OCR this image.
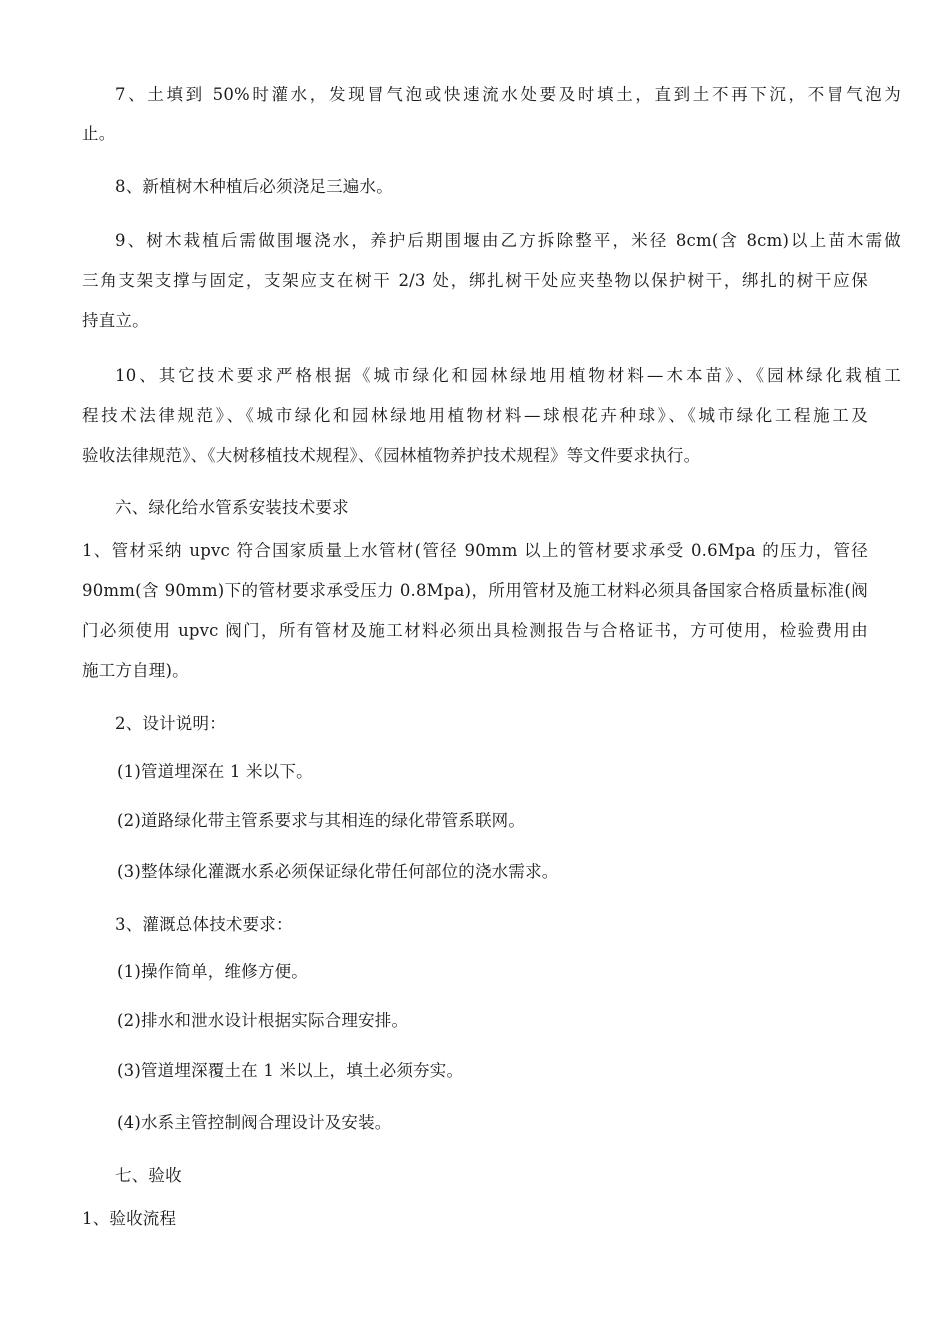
7、土填到 50%时灌水，发现冒气泡或快速流水处要及时填土，直到土不再下沉，不冒气泡为
止。
8、新植树木种植后必须浇足三遍水。
9、树木栽植后需做围堰浇水，养护后期围堰由乙方拆除整平，米径 8cm(含 8cm)以上苗木需做
三角支架支撑与固定，支架应支在树干 2/3 处，绑扎树干处应夹垫物以保护树干，绑扎的树干应保
持直立。
10、其它技术要求严格根据《城市绿化和园林绿地用植物材料—木本苗》、《园林绿化栽植工
程技术法律规范》、《城市绿化和园林绿地用植物材料—球根花卉种球》、《城市绿化工程施工及
验收法律规范》、《大树移植技术规程》、《园林植物养护技术规程》等文件要求执行。
六、绿化给水管系安装技术要求
1、管材采纳 upvc 符合国家质量上水管材(管径 90mm 以上的管材要求承受 0.6Mpa 的压力，管径
90mm(含 90mm)下的管材要求承受压力 0.8Mpa)，所用管材及施工材料必须具备国家合格质量标准(阀
门必须使用 upvc 阀门，所有管材及施工材料必须出具检测报告与合格证书，方可使用，检验费用由
施工方自理)。
2、设计说明：
(1)管道埋深在 1 米以下。
(2)道路绿化带主管系要求与其相连的绿化带管系联网。
(3)整体绿化灌溉水系必须保证绿化带任何部位的浇水需求。
3、灌溉总体技术要求：
(1)操作简单，维修方便。
(2)排水和泄水设计根据实际合理安排。
(3)管道埋深覆土在 1 米以上，填土必须夯实。
(4)水系主管控制阀合理设计及安装。
七、验收
1、验收流程
